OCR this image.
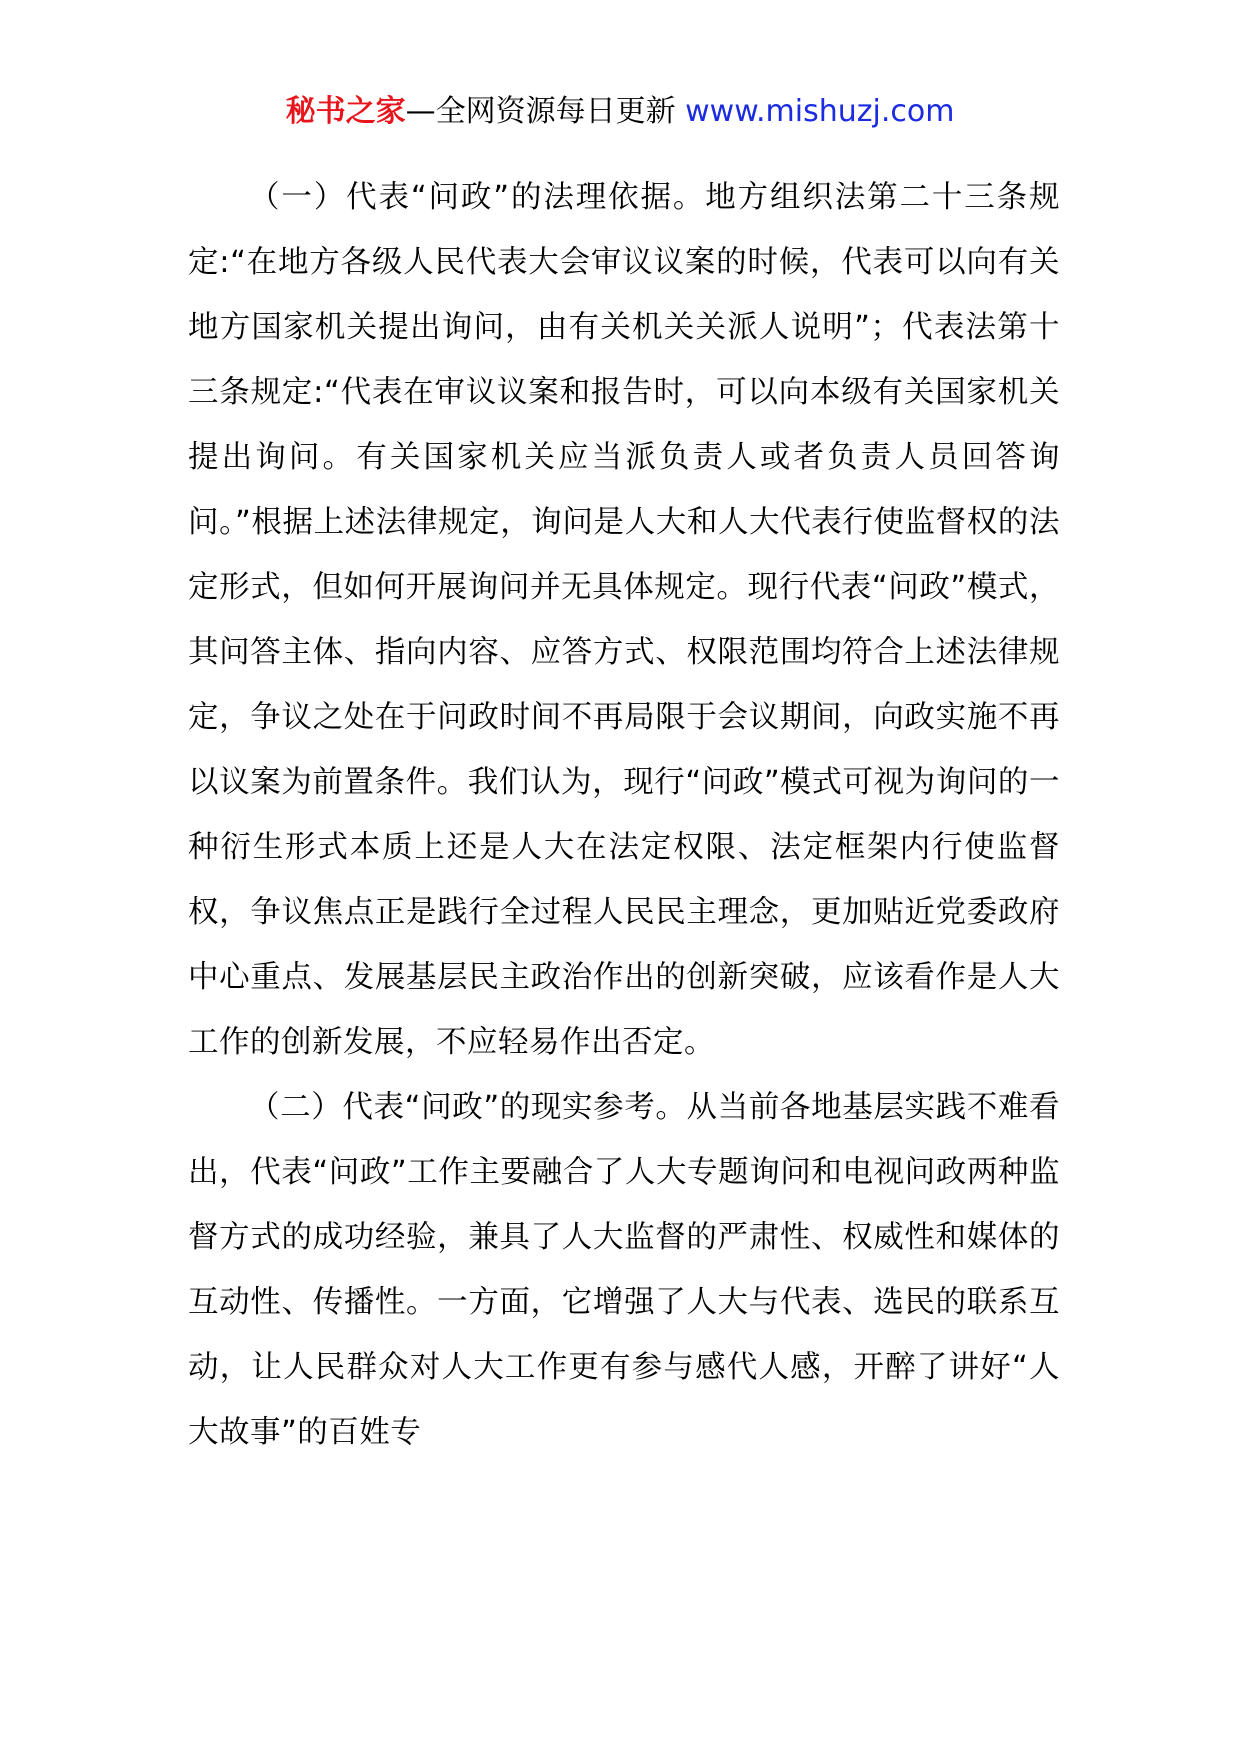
秘书之家—全网资源每日更新 www.mishuzj.com

（一）代表“问政”的法理依据。地方组织法第二十三条规定:“在地方各级人民代表大会审议议案的时候，代表可以向有关地方国家机关提出询问，由有关机关关派人说明”；代表法第十三条规定:“代表在审议议案和报告时，可以向本级有关国家机关提出询问。有关国家机关应当派负责人或者负责人员回答询问。”根据上述法律规定，询问是人大和人大代表行使监督权的法定形式，但如何开展询问并无具体规定。现行代表“问政”模式，其问答主体、指向内容、应答方式、权限范围均符合上述法律规定，争议之处在于问政时间不再局限于会议期间，向政实施不再以议案为前置条件。我们认为，现行“问政”模式可视为询问的一种衍生形式本质上还是人大在法定权限、法定框架内行使监督权，争议焦点正是践行全过程人民民主理念，更加贴近党委政府中心重点、发展基层民主政治作出的创新突破，应该看作是人大工作的创新发展，不应轻易作出否定。

（二）代表“问政”的现实参考。从当前各地基层实践不难看出，代表“问政”工作主要融合了人大专题询问和电视问政两种监督方式的成功经验，兼具了人大监督的严肃性、权威性和媒体的互动性、传播性。一方面，它增强了人大与代表、选民的联系互动，让人民群众对人大工作更有参与感代人感，开醉了讲好“人大故事”的百姓专
